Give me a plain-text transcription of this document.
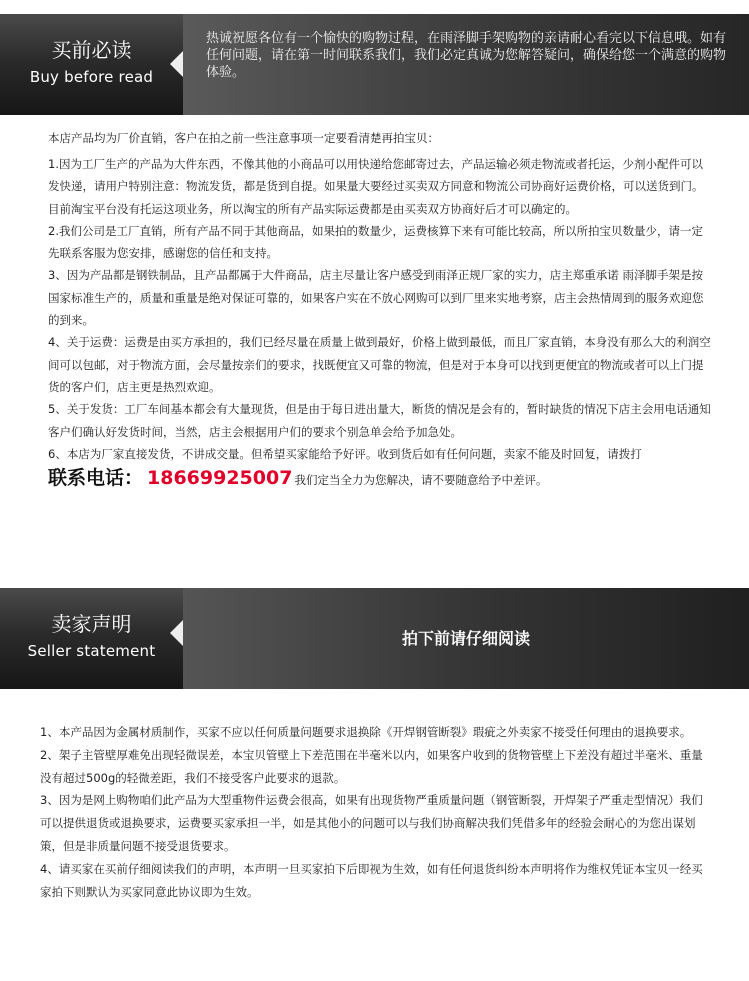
买前必读
Buy before read
热诚祝愿各位有一个愉快的购物过程，在雨泽脚手架购物的亲请耐心看完以下信息哦。如有任何问题，请在第一时间联系我们，我们必定真诚为您解答疑问，确保给您一个满意的购物体验。
本店产品均为厂价直销，客户在拍之前一些注意事项一定要看清楚再拍宝贝：
1.因为工厂生产的产品为大件东西，不像其他的小商品可以用快递给您邮寄过去，产品运输必须走物流或者托运，少剂小配件可以发快递，请用户特别注意：物流发货，都是货到自提。如果量大要经过买卖双方同意和物流公司协商好运费价格，可以送货到门。目前淘宝平台没有托运这项业务，所以淘宝的所有产品实际运费都是由买卖双方协商好后才可以确定的。
2.我们公司是工厂直销，所有产品不同于其他商品，如果拍的数量少，运费核算下来有可能比较高，所以所拍宝贝数量少，请一定先联系客服为您安排，感谢您的信任和支持。
3、因为产品都是钢铁制品，且产品都属于大件商品，店主尽量让客户感受到雨泽正规厂家的实力，店主郑重承诺 雨泽脚手架是按国家标准生产的，质量和重量是绝对保证可靠的，如果客户实在不放心网购可以到厂里来实地考察，店主会热情周到的服务欢迎您的到来。
4、关于运费：运费是由买方承担的，我们已经尽量在质量上做到最好，价格上做到最低，而且厂家直销，本身没有那么大的利润空间可以包邮，对于物流方面，会尽量按亲们的要求，找既便宜又可靠的物流，但是对于本身可以找到更便宜的物流或者可以上门提货的客户们，店主更是热烈欢迎。
5、关于发货：工厂车间基本都会有大量现货，但是由于每日进出量大，断货的情况是会有的，暂时缺货的情况下店主会用电话通知客户们确认好发货时间，当然，店主会根据用户们的要求个别急单会给予加急处。
6、本店为厂家直接发货，不讲成交量。但希望买家能给予好评。收到货后如有任何问题，卖家不能及时回复，请拨打
联系电话： 18669925007 我们定当全力为您解决，请不要随意给予中差评。
卖家声明
Seller statement
拍下前请仔细阅读
1、本产品因为金属材质制作，买家不应以任何质量问题要求退换除《开焊钢管断裂》瑕疵之外卖家不接受任何理由的退换要求。
2、架子主管壁厚难免出现轻微误差，本宝贝管壁上下差范围在半毫米以内，如果客户收到的货物管壁上下差没有超过半毫米、重量没有超过500g的轻微差距，我们不接受客户此要求的退款。
3、因为是网上购物咱们此产品为大型重物件运费会很高，如果有出现货物严重质量问题（钢管断裂，开焊架子严重走型情况）我们可以提供退货或退换要求，运费要买家承担一半，如是其他小的问题可以与我们协商解决我们凭借多年的经验会耐心的为您出谋划策，但是非质量问题不接受退货要求。
4、请买家在买前仔细阅读我们的声明，本声明一旦买家拍下后即视为生效，如有任何退货纠纷本声明将作为维权凭证本宝贝一经买家拍下则默认为买家同意此协议即为生效。
